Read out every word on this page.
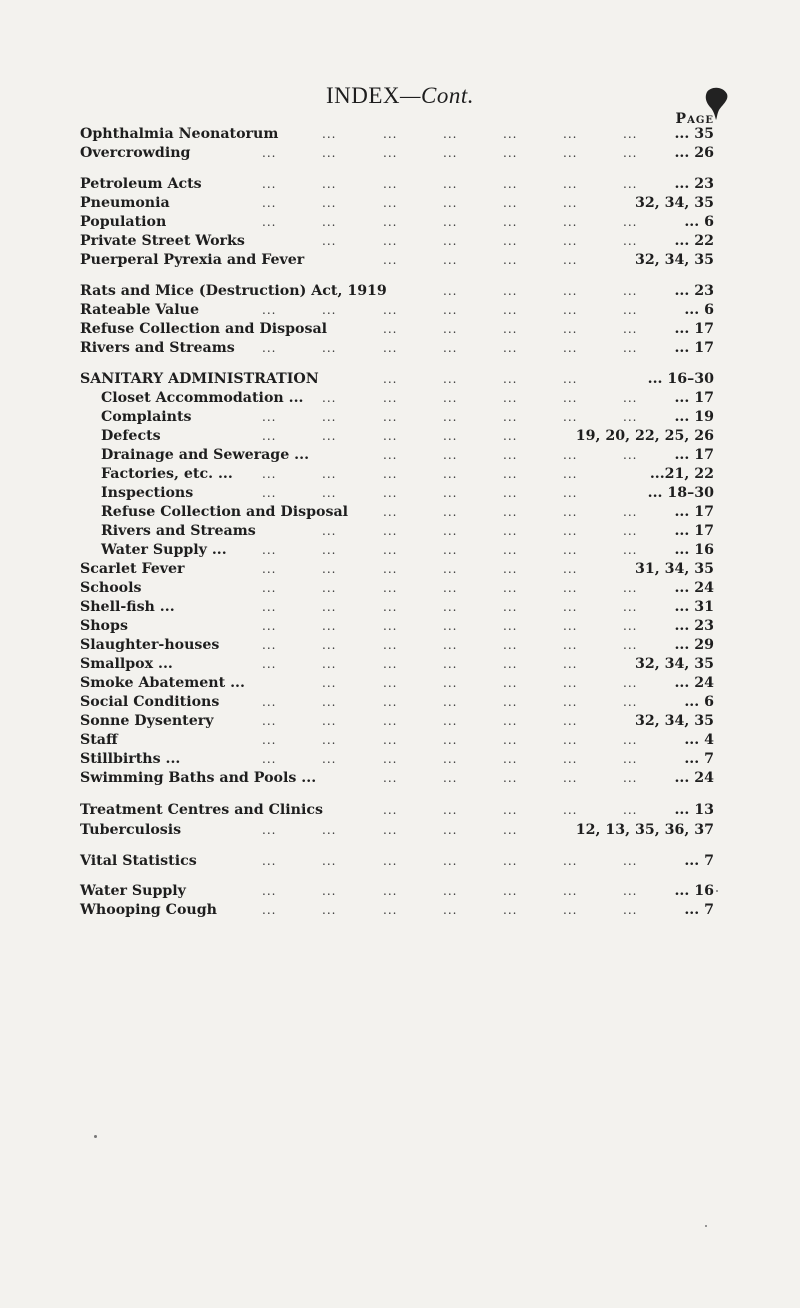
INDEX—Cont.
Page
Ophthalmia Neonatorum	... 35
...	...	...	...	...	...
Overcrowding	... 26
...	...	...	...	...	...	...
Petroleum Acts	... 23
...	...	...	...	...	...	...
Pneumonia	32, 34, 35
...	...	...	...	...	...
Population	... 6
...	...	...	...	...	...	...
Private Street Works	... 22
...	...	...	...	...	...
Puerperal Pyrexia and Fever	32, 34, 35
...	...	...	...
Rats and Mice (Destruction) Act, 1919	... 23
...	...	...	...
Rateable Value	... 6
...	...	...	...	...	...	...
Refuse Collection and Disposal	... 17
...	...	...	...	...
Rivers and Streams	... 17
...	...	...	...	...	...	...
SANITARY ADMINISTRATION	... 16–30
...	...	...	...
Closet Accommodation ...	... 17
...	...	...	...	...	...
Complaints	... 19
...	...	...	...	...	...	...
Defects	19, 20, 22, 25, 26
...	...	...	...	...
Drainage and Sewerage ...	... 17
...	...	...	...	...
Factories, etc. ...	...21, 22
...	...	...	...	...	...
Inspections	... 18–30
...	...	...	...	...	...
Refuse Collection and Disposal	... 17
...	...	...	...	...
Rivers and Streams	... 17
...	...	...	...	...	...
Water Supply ...	... 16
...	...	...	...	...	...	...
Scarlet Fever	31, 34, 35
...	...	...	...	...	...
Schools	... 24
...	...	...	...	...	...	...
Shell-fish ...	... 31
...	...	...	...	...	...	...
Shops	... 23
...	...	...	...	...	...	...
Slaughter-houses	... 29
...	...	...	...	...	...	...
Smallpox ...	32, 34, 35
...	...	...	...	...	...
Smoke Abatement ...	... 24
...	...	...	...	...	...
Social Conditions	... 6
...	...	...	...	...	...	...
Sonne Dysentery	32, 34, 35
...	...	...	...	...	...
Staff	... 4
...	...	...	...	...	...	...
Stillbirths ...	... 7
...	...	...	...	...	...	...
Swimming Baths and Pools ...	... 24
...	...	...	...	...
Treatment Centres and Clinics	... 13
...	...	...	...	...
Tuberculosis	12, 13, 35, 36, 37
...	...	...	...	...
Vital Statistics	... 7
...	...	...	...	...	...	...
Water Supply	... 16
...	...	...	...	...	...	...
Whooping Cough	... 7
...	...	...	...	...	...	...
